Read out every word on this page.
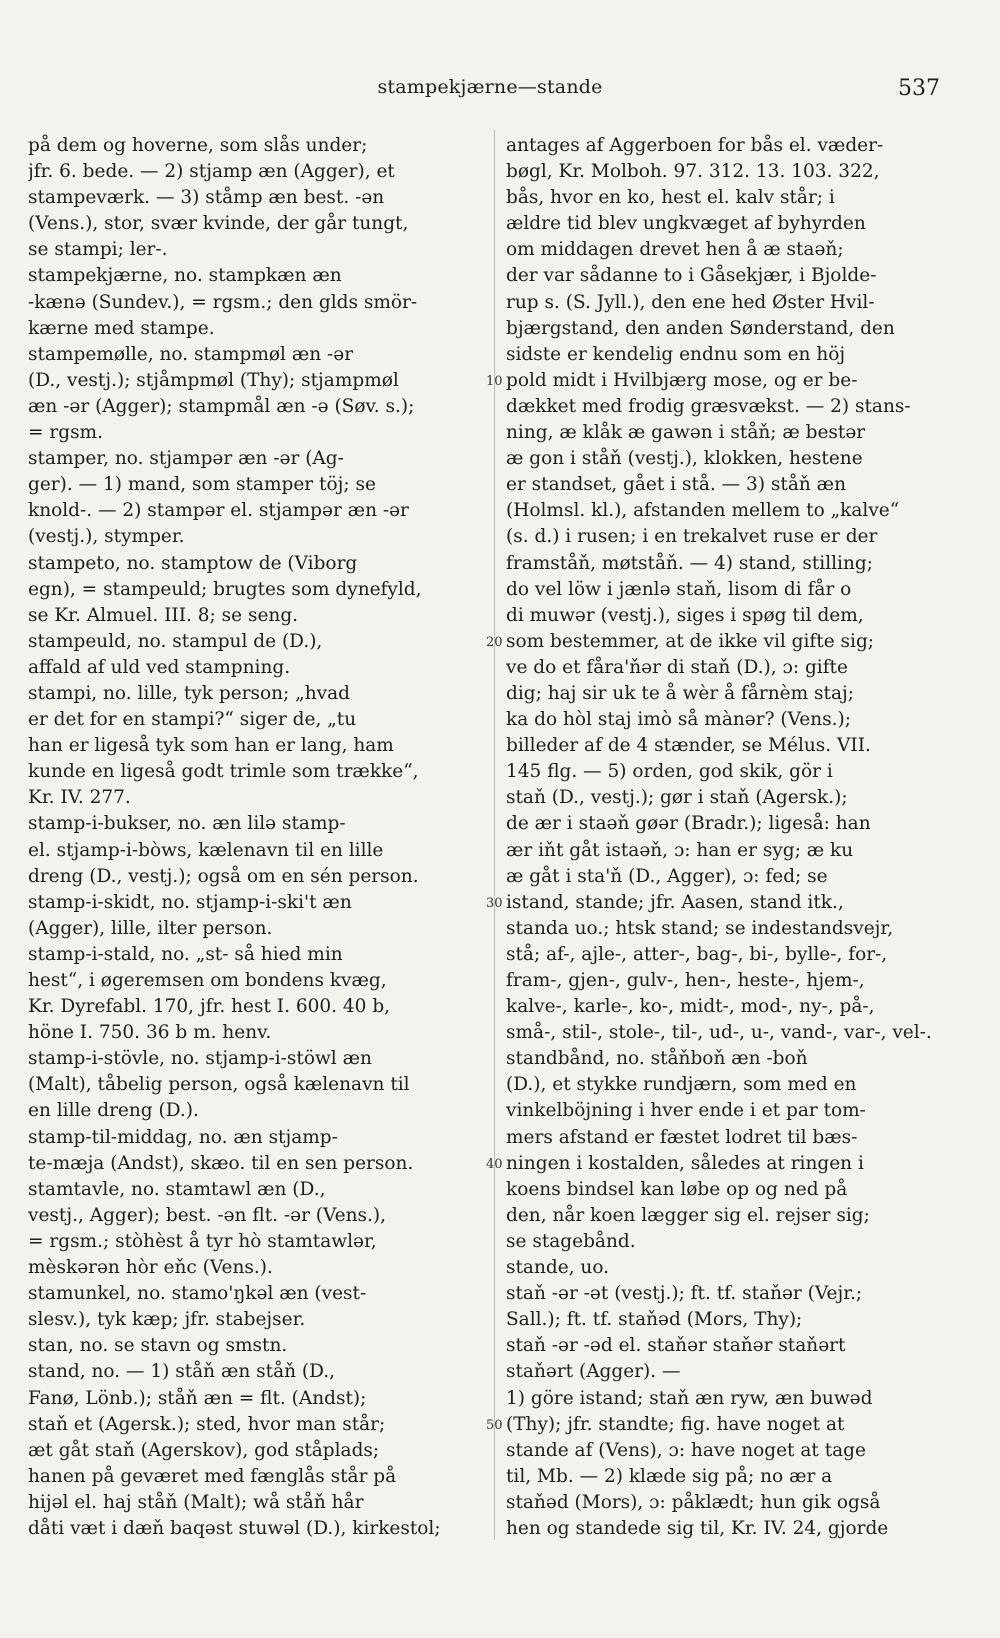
stampekjærne—stande	537
på dem og hoverne, som slås under;
jfr. 6. bede. — 2) stjamp æn (Agger), et
stampeværk. — 3) ståmp æn best. -ən
(Vens.), stor, svær kvinde, der går tungt,
se stampi; ler-.
stampekjærne, no. stampkæn æn
-kænə (Sundev.), = rgsm.; den glds smör-
kærne med stampe.
stampemølle, no. stampmøl æn -ər
(D., vestj.); stjåmpmøl (Thy); stjampmøl
æn -ər (Agger); stampmål æn -ə (Søv. s.);
= rgsm.
stamper, no. stjampər æn -ər (Ag-
ger). — 1) mand, som stamper töj; se
knold-. — 2) stampər el. stjampər æn -ər
(vestj.), stymper.
stampeto, no. stamptow de (Viborg
egn), = stampeuld; brugtes som dynefyld,
se Kr. Almuel. III. 8; se seng.
stampeuld, no. stampul de (D.),
affald af uld ved stampning.
stampi, no. lille, tyk person; „hvad
er det for en stampi?“ siger de, „tu
han er ligeså tyk som han er lang, ham
kunde en ligeså godt trimle som trække“,
Kr. IV. 277.
stamp-i-bukser, no. æn lilə stamp-
el. stjamp-i-bòws, kælenavn til en lille
dreng (D., vestj.); også om en sén person.
stamp-i-skidt, no. stjamp-i-ski't æn
(Agger), lille, ilter person.
stamp-i-stald, no. „st- så hied min
hest“, i øgeremsen om bondens kvæg,
Kr. Dyrefabl. 170, jfr. hest I. 600. 40 b,
höne I. 750. 36 b m. henv.
stamp-i-stövle, no. stjamp-i-stöwl æn
(Malt), tåbelig person, også kælenavn til
en lille dreng (D.).
stamp-til-middag, no. æn stjamp-
te-mæja (Andst), skæo. til en sen person.
stamtavle, no. stamtawl æn (D.,
vestj., Agger); best. -ən flt. -ər (Vens.),
= rgsm.; stòhèst å tyr hò stamtawlər,
mèskərən hòr eňc (Vens.).
stamunkel, no. stamo'ŋkəl æn (vest-
slesv.), tyk kæp; jfr. stabejser.
stan, no. se stavn og smstn.
stand, no. — 1) ståň æn ståň (D.,
Fanø, Lönb.); ståň æn = flt. (Andst);
staň et (Agersk.); sted, hvor man står;
æt gåt staň (Agerskov), god ståplads;
hanen på geværet med fænglås står på
hijəl el. haj ståň (Malt); wå ståň hår
dåti væt i dæň baqəst stuwəl (D.), kirkestol;
antages af Aggerboen for bås el. væder-
bøgl, Kr. Molboh. 97. 312. 13. 103. 322,
bås, hvor en ko, hest el. kalv står; i
ældre tid blev ungkvæget af byhyrden
om middagen drevet hen å æ staəň;
der var sådanne to i Gåsekjær, i Bjolde-
rup s. (S. Jyll.), den ene hed Øster Hvil-
bjærgstand, den anden Sønderstand, den
sidste er kendelig endnu som en höj
pold midt i Hvilbjærg mose, og er be-
dækket med frodig græsvækst. — 2) stans-
ning, æ klåk æ gawən i ståň; æ bestər
æ gon i ståň (vestj.), klokken, hestene
er standset, gået i stå. — 3) ståň æn
(Holmsl. kl.), afstanden mellem to „kalve“
(s. d.) i rusen; i en trekalvet ruse er der
framståň, møtståň. — 4) stand, stilling;
do vel löw i jænlə staň, lisom di får o
di muwər (vestj.), siges i spøg til dem,
som bestemmer, at de ikke vil gifte sig;
ve do et fåra'ňər di staň (D.), ɔ: gifte
dig; haj sir uk te å wèr å fårnèm staj;
ka do hòl staj imò så mànər? (Vens.);
billeder af de 4 stænder, se Mélus. VII.
145 flg. — 5) orden, god skik, gör i
staň (D., vestj.); gør i staň (Agersk.);
de ær i staəň gøər (Bradr.); ligeså: han
ær iňt gåt istaəň, ɔ: han er syg; æ ku
æ gåt i sta'ň (D., Agger), ɔ: fed; se
istand, stande; jfr. Aasen, stand itk.,
standa uo.; htsk stand; se indestandsvejr,
stå; af-, ajle-, atter-, bag-, bi-, bylle-, for-,
fram-, gjen-, gulv-, hen-, heste-, hjem-,
kalve-, karle-, ko-, midt-, mod-, ny-, på-,
små-, stil-, stole-, til-, ud-, u-, vand-, var-, vel-.
standbånd, no. ståňboň æn -boň
(D.), et stykke rundjærn, som med en
vinkelböjning i hver ende i et par tom-
mers afstand er fæstet lodret til bæs-
ningen i kostalden, således at ringen i
koens bindsel kan løbe op og ned på
den, når koen lægger sig el. rejser sig;
se stagebånd.
stande, uo.
staň -ər -ət (vestj.); ft. tf. staňər (Vejr.;
Sall.); ft. tf. staňəd (Mors, Thy);
staň -ər -əd el. staňər staňər staňərt
staňərt (Agger). —
1) göre istand; staň æn ryw, æn buwəd
(Thy); jfr. standte; fig. have noget at
stande af (Vens), ɔ: have noget at tage
til, Mb. — 2) klæde sig på; no ær a
staňəd (Mors), ɔ: påklædt; hun gik også
hen og standede sig til, Kr. IV. 24, gjorde
10
20
30
40
50
